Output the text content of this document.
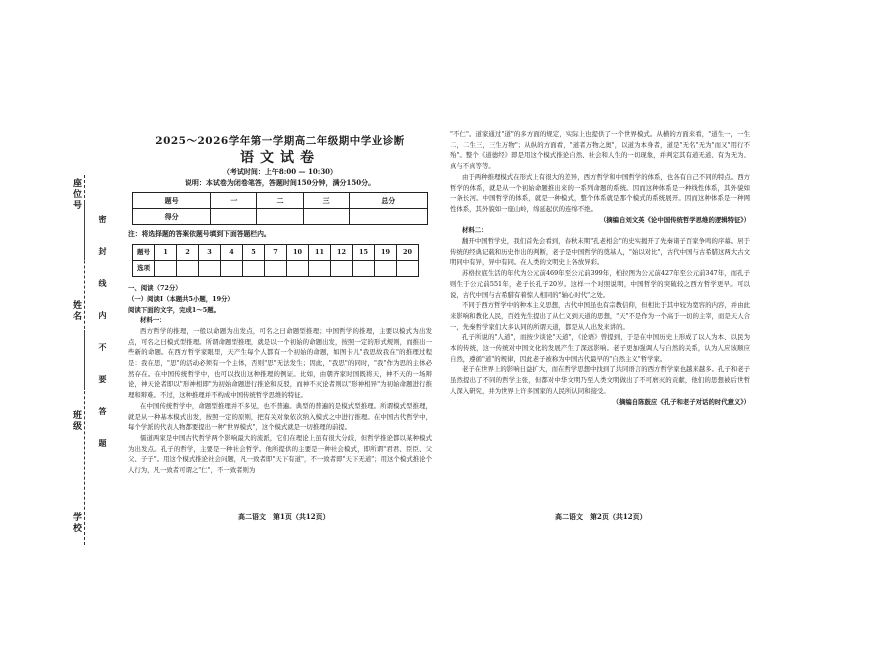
座位号
姓名
班级
学校
密封线内不要答题
2025～2026学年第一学期高二年级期中学业诊断
语文试卷
（考试时间：上午8:00 — 10:30）
说明：本试卷为闭卷笔答，答题时间150分钟，满分150分。
题号	一	二	三	总分
得分				

注：将选择题的答案依题号填到下面答题栏内。

题号	1	2	3	4	5	7	10	11	12	15	19	20
选项												

一、阅读（72分）

（一）阅读Ⅰ（本题共5小题，19分）

阅读下面的文字，完成1～5题。

材料一：

西方哲学的推理，一般以命题为出发点，可名之曰命题型推理；中国哲学的推理，主要以模式为出发点，可名之曰模式型推理。所谓命题型推理，就是以一个初始的命题出发，按照一定的形式规则，而推出一些新的命题。在西方哲学家眼里，天产生每个人都有一个初始的命题，如图卡儿"我思故我在"的推理过程是：我在思，"思"的活动必须有一个主体，否则"思"无法发生；因此，"我思"的同时，"我"作为思的主体必然存在。在中国传统哲学中，也可以找出这种推理的例证。比如，由朝齐家时国既将天，神不天的一场辩论，神天论者即以"形神相即"为初始命题进行推论和反驳，而神不灭论者则以"形神相异"为初始命题进行推理和辩难。不过，这种推理并不构成中国传统哲学思维的特征。

在中国传统哲学中，命题型推理并不多见，也不普遍。典型的普遍的是模式型推理。所谓模式型推理，就是从一种基本模式出发，按照一定的原则，把有关对象依次纳入模式之中进行推理。在中国古代哲学中，每个学派的代表人物都要提出一种"世界模式"，这个模式就是一切推理的前提。

儒道两家是中国古代哲学两个影响最大的流派，它们在理论上虽有很大分歧，但哲学推论都以某种模式为出发点。孔子的哲学，主要是一种社会哲学。他所提供的主要是一种社会模式，即所谓"君君、臣臣、父父、子子"。用这个模式推论社会问题，凡一致者即"天下有道"，不一致者即"天下无道"；用这个模式推论个人行为，凡一致者可谓之"仁"，不一致者则为

"不仁"。道家通过"道"的多方面的规定，实际上也提供了一个世界模式。从横的方面来看，"道生一，一生二，二生三，三生万物"；从纵的方面看，"道者万物之奥"，以道为本身者，道是"无名"无为"而又"用行不殆"。整个《道德经》即是用这个模式推论自然、社会和人生的一切现象，并判定其有道无道、有为无为、真与不真等等。

由于两种推理模式在形式上有很大的差异，西方哲学和中国哲学的体系，也各有自己不同的特点。西方哲学的体系，就是从一个初始命题推出来的一系列命题的系统。因而这种体系是一种线性体系，其外貌如一条长河。中国哲学的体系，就是一种模式，整个体系就是那个模式的系统展开。因而这种体系是一种网性体系，其外貌如一座山岭，绵延起伏的连绵不绝。

（摘编自刘文英《论中国传统哲学思维的逻辑特征》）

材料二：

翻开中国哲学史，我们首先会看到，春秋末期"孔老相会"的史实揭开了先秦诸子百家争鸣的序幕。居于传统的经典记载和历史作出的判断，老子是中国哲学的奠基人，"始以对比"，古代中国与古希腊这两大古文明同中有异，异中有同。在人类的文明史上各放异彩。

苏格拉底生活的年代为公元前469年至公元前399年，柏拉图为公元前427年至公元前347年，而孔子则生于公元前551年，老子长孔子20岁。这样一个对照说明，中国哲学的突破较之西方哲学更早。可以说，古代中国与古希腊有着惊人相同的"轴心时代"之处。

不同于西方哲学中的种本主义思想，古代中国虽也有宗教信仰，但相比于其中较为宽容的内容，并由此来影响和教化人民，百姓先生提出了从仁义到天道的思想，"天"不是作为一个高于一切的主宰，而是天人合一，先秦哲学家们大多认同的所谓天道，都是从人出发来讲的。

孔子所说的"人道"，而按少谈论"天道"，《论语》曾提到，于是在中国历史上形成了以人为本、以民为本的传统，这一传统对中国文化的发展产生了深远影响。老子更加强调人与自然的关系，认为人应该顺应自然，遵循"道"的规律，因此老子被称为中国古代最早的"自然主义"哲学家。

老子在世界上的影响日益扩大，而在哲学思想中找到了共同语言的西方哲学家也越来越多。孔子和老子虽然提出了不同的哲学主张，但都对中华文明乃至人类文明做出了不可磨灭的贡献，他们的思想被后世哲人深入研究，并为世界上许多国家的人民所认同和接受。

（摘编自陈鼓应《孔子和老子对话的时代意义》）

高二语文　第1页（共12页）	高二语文　第2页（共12页）
